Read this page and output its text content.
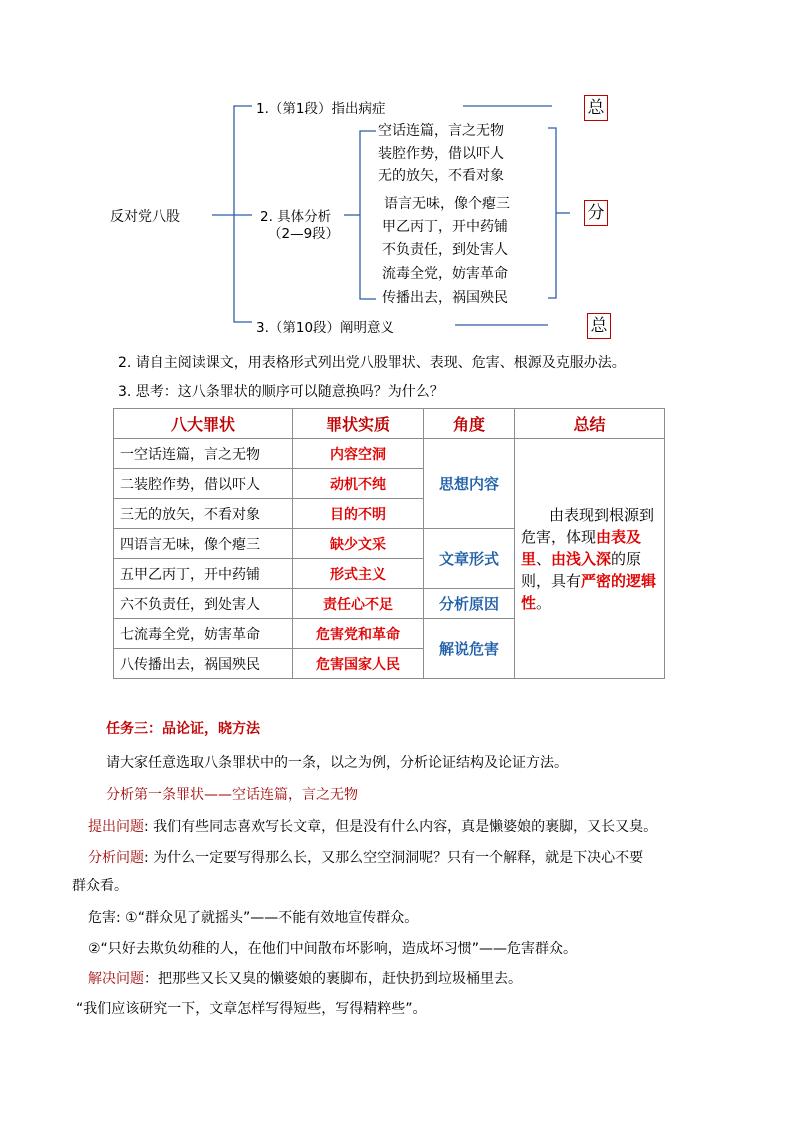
反对党八股
1.（第1段）指出病症
2. 具体分析
（2—9段）
3.（第10段）阐明意义
空话连篇，言之无物
装腔作势，借以吓人
无的放矢，不看对象
语言无味，像个瘪三
甲乙丙丁，开中药铺
不负责任，到处害人
流毒全党，妨害革命
传播出去，祸国殃民
总
分
总
2. 请自主阅读课文，用表格形式列出党八股罪状、表现、危害、根源及克服办法。
3. 思考：这八条罪状的顺序可以随意换吗？为什么？
八大罪状	罪状实质	角度	总结
一空话连篇，言之无物	内容空洞	思想内容	由表现到根源到危害，体现由表及里、由浅入深的原则，具有严密的逻辑性。
二装腔作势，借以吓人	动机不纯		
三无的放矢，不看对象	目的不明		
四语言无味，像个瘪三	缺少文采	文章形式	
五甲乙丙丁，开中药铺	形式主义		
六不负责任，到处害人	责任心不足	分析原因	
七流毒全党，妨害革命	危害党和革命	解说危害	
八传播出去，祸国殃民	危害国家人民		
任务三：品论证，晓方法
请大家任意选取八条罪状中的一条，以之为例，分析论证结构及论证方法。
分析第一条罪状——空话连篇，言之无物
提出问题: 我们有些同志喜欢写长文章，但是没有什么内容，真是懒婆娘的裹脚，又长又臭。
分析问题: 为什么一定要写得那么长，又那么空空洞洞呢？只有一个解释，就是下决心不要
群众看。
危害: ①“群众见了就摇头”——不能有效地宣传群众。
②“只好去欺负幼稚的人，在他们中间散布坏影响，造成坏习惯”——危害群众。
解决问题：把那些又长又臭的懒婆娘的裹脚布，赶快扔到垃圾桶里去。
“我们应该研究一下，文章怎样写得短些，写得精粹些”。
